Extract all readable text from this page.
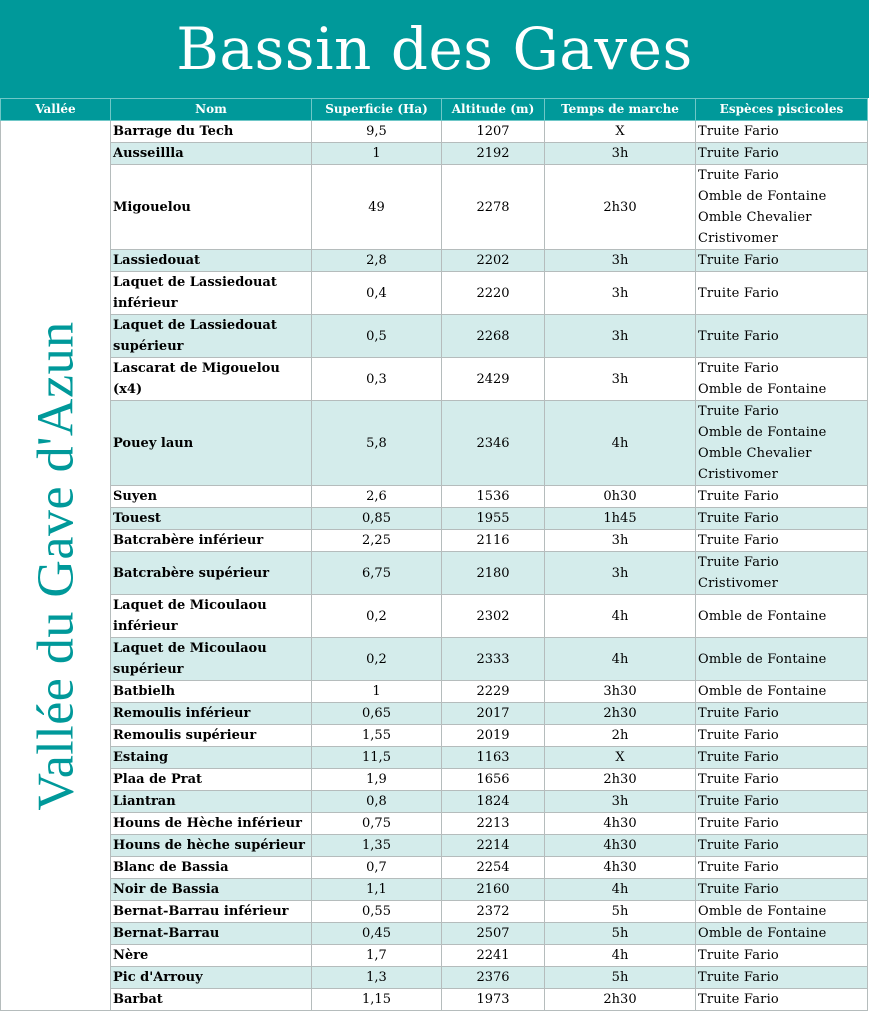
Bassin des Gaves
Vallée	Nom	Superficie (Ha)	Altitude (m)	Temps de marche	Espèces piscicoles

Vallée du Gave d'Azun	Barrage du Tech	9,5	1207	X	Truite Fario

	Ausseillla	1	2192	3h	Truite Fario

	Migouelou	49	2278	2h30	Truite Fario
Omble de Fontaine
Omble Chevalier
Cristivomer

	Lassiedouat	2,8	2202	3h	Truite Fario

	Laquet de Lassiedouat
inférieur	0,4	2220	3h	Truite Fario

	Laquet de Lassiedouat
supérieur	0,5	2268	3h	Truite Fario

	Lascarat de Migouelou (x4)	0,3	2429	3h	Truite Fario
Omble de Fontaine

	Pouey laun	5,8	2346	4h	Truite Fario
Omble de Fontaine
Omble Chevalier
Cristivomer

	Suyen	2,6	1536	0h30	Truite Fario

	Touest	0,85	1955	1h45	Truite Fario

	Batcrabère inférieur	2,25	2116	3h	Truite Fario

	Batcrabère supérieur	6,75	2180	3h	Truite Fario
Cristivomer

	Laquet de Micoulaou inférieur	0,2	2302	4h	Omble de Fontaine

	Laquet de Micoulaou
supérieur	0,2	2333	4h	Omble de Fontaine

	Batbielh	1	2229	3h30	Omble de Fontaine

	Remoulis inférieur	0,65	2017	2h30	Truite Fario

	Remoulis supérieur	1,55	2019	2h	Truite Fario

	Estaing	11,5	1163	X	Truite Fario

	Plaa de Prat	1,9	1656	2h30	Truite Fario

	Liantran	0,8	1824	3h	Truite Fario

	Houns de Hèche inférieur	0,75	2213	4h30	Truite Fario

	Houns de hèche supérieur	1,35	2214	4h30	Truite Fario

	Blanc de Bassia	0,7	2254	4h30	Truite Fario

	Noir de Bassia	1,1	2160	4h	Truite Fario

	Bernat-Barrau inférieur	0,55	2372	5h	Omble de Fontaine

	Bernat-Barrau	0,45	2507	5h	Omble de Fontaine

	Nère	1,7	2241	4h	Truite Fario

	Pic d'Arrouy	1,3	2376	5h	Truite Fario

	Barbat	1,15	1973	2h30	Truite Fario
